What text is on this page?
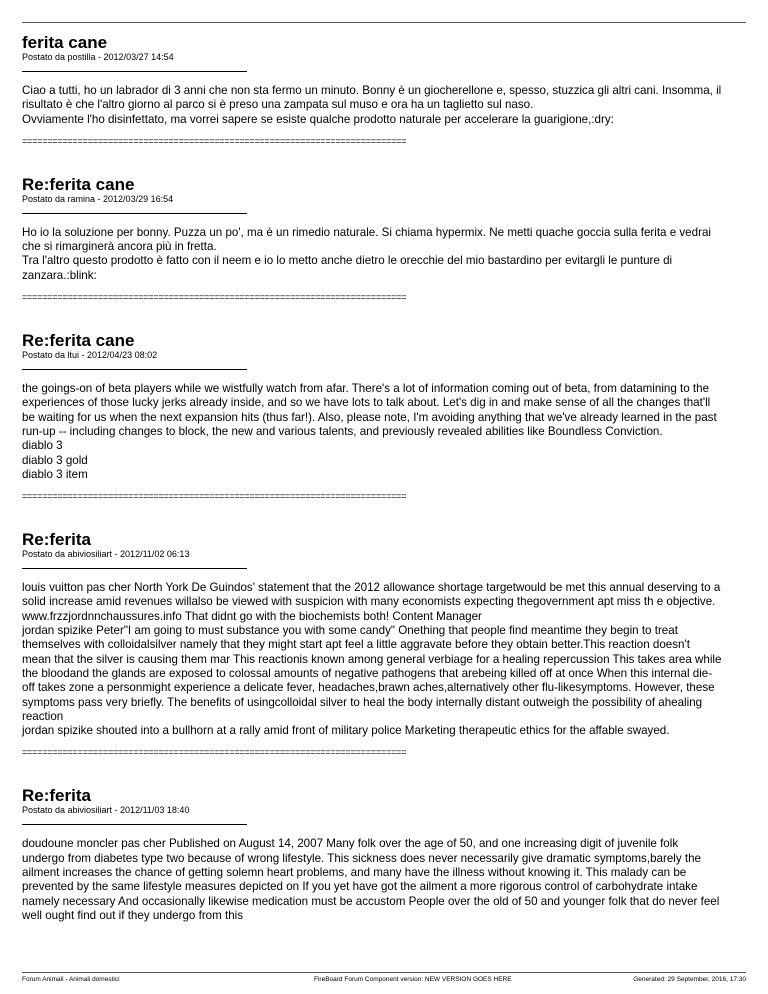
ferita cane
Postato da postilla - 2012/03/27 14:54
Ciao a tutti, ho un labrador di 3 anni che non sta fermo un minuto. Bonny è un giocherellone e, spesso, stuzzica gli altri cani. Insomma, il risultato è che l'altro giorno al parco si è preso una zampata sul muso e ora ha un taglietto sul naso.
Ovviamente l'ho disinfettato, ma vorrei sapere se esiste qualche prodotto naturale per accelerare la guarigione,:dry:
============================================================================
Re:ferita cane
Postato da ramina - 2012/03/29 16:54
Ho io la soluzione per bonny. Puzza un po', ma è un rimedio naturale. Si chiama hypermix. Ne metti quache goccia sulla ferita e vedrai che si rimarginerà ancora più in fretta.
Tra l'altro questo prodotto è fatto con il neem e io lo metto anche dietro le orecchie del mio bastardino per evitargli le punture di zanzara.:blink:
============================================================================
Re:ferita cane
Postato da ltui - 2012/04/23 08:02
the goings-on of beta players while we wistfully watch from afar. There's a lot of information coming out of beta, from datamining to the experiences of those lucky jerks already inside, and so we have lots to talk about. Let's dig in and make sense of all the changes that'll be waiting for us when the next expansion hits (thus far!). Also, please note, I'm avoiding anything that we've already learned in the past run-up -- including changes to block, the new and various talents, and previously revealed abilities like Boundless Conviction.
diablo 3
diablo 3 gold
diablo 3 item
============================================================================
Re:ferita
Postato da abiviosiliart - 2012/11/02 06:13
louis vuitton pas cher North York De Guindos' statement that the 2012 allowance shortage targetwould be met this annual deserving to a solid increase amid revenues willalso be viewed with suspicion with many economists expecting thegovernment apt miss th e objective.
www.frzzjordnnchaussures.info That didnt go with the biochemists both! Content Manager
jordan spizike Peter"I am going to must substance you with some candy" Onething that people find meantime they begin to treat themselves with colloidalsilver namely that they might start apt feel a little aggravate before they obtain better.This reaction doesn't mean that the silver is causing them mar This reactionis known among general verbiage for a healing repercussion This takes area while the bloodand the glands are exposed to colossal amounts of negative pathogens that arebeing killed off at once When this internal die-off takes zone a personmight experience a delicate fever, headaches,brawn aches,alternatively other flu-likesymptoms. However, these symptoms pass very briefly. The benefits of usingcolloidal silver to heal the body internally distant outweigh the possibility of ahealing reaction
jordan spizike shouted into a bullhorn at a rally amid front of military police Marketing therapeutic ethics for the affable swayed.
============================================================================
Re:ferita
Postato da abiviosiliart - 2012/11/03 18:40
doudoune moncler pas cher Published on August 14, 2007 Many folk over the age of 50, and one increasing digit of juvenile folk undergo from diabetes type two because of wrong lifestyle. This sickness does never necessarily give dramatic symptoms,barely the ailment increases the chance of getting solemn heart problems, and many have the illness without knowing it. This malady can be prevented by the same lifestyle measures depicted on If you yet have got the ailment a more rigorous control of carbohydrate intake namely necessary And occasionally likewise medication must be accustom People over the old of 50 and younger folk that do never feel well ought find out if they undergo from this
Forum Animali - Animali domestici	FireBoard Forum Component version: NEW VERSION GOES HERE	Generated: 29 September, 2016, 17:30
